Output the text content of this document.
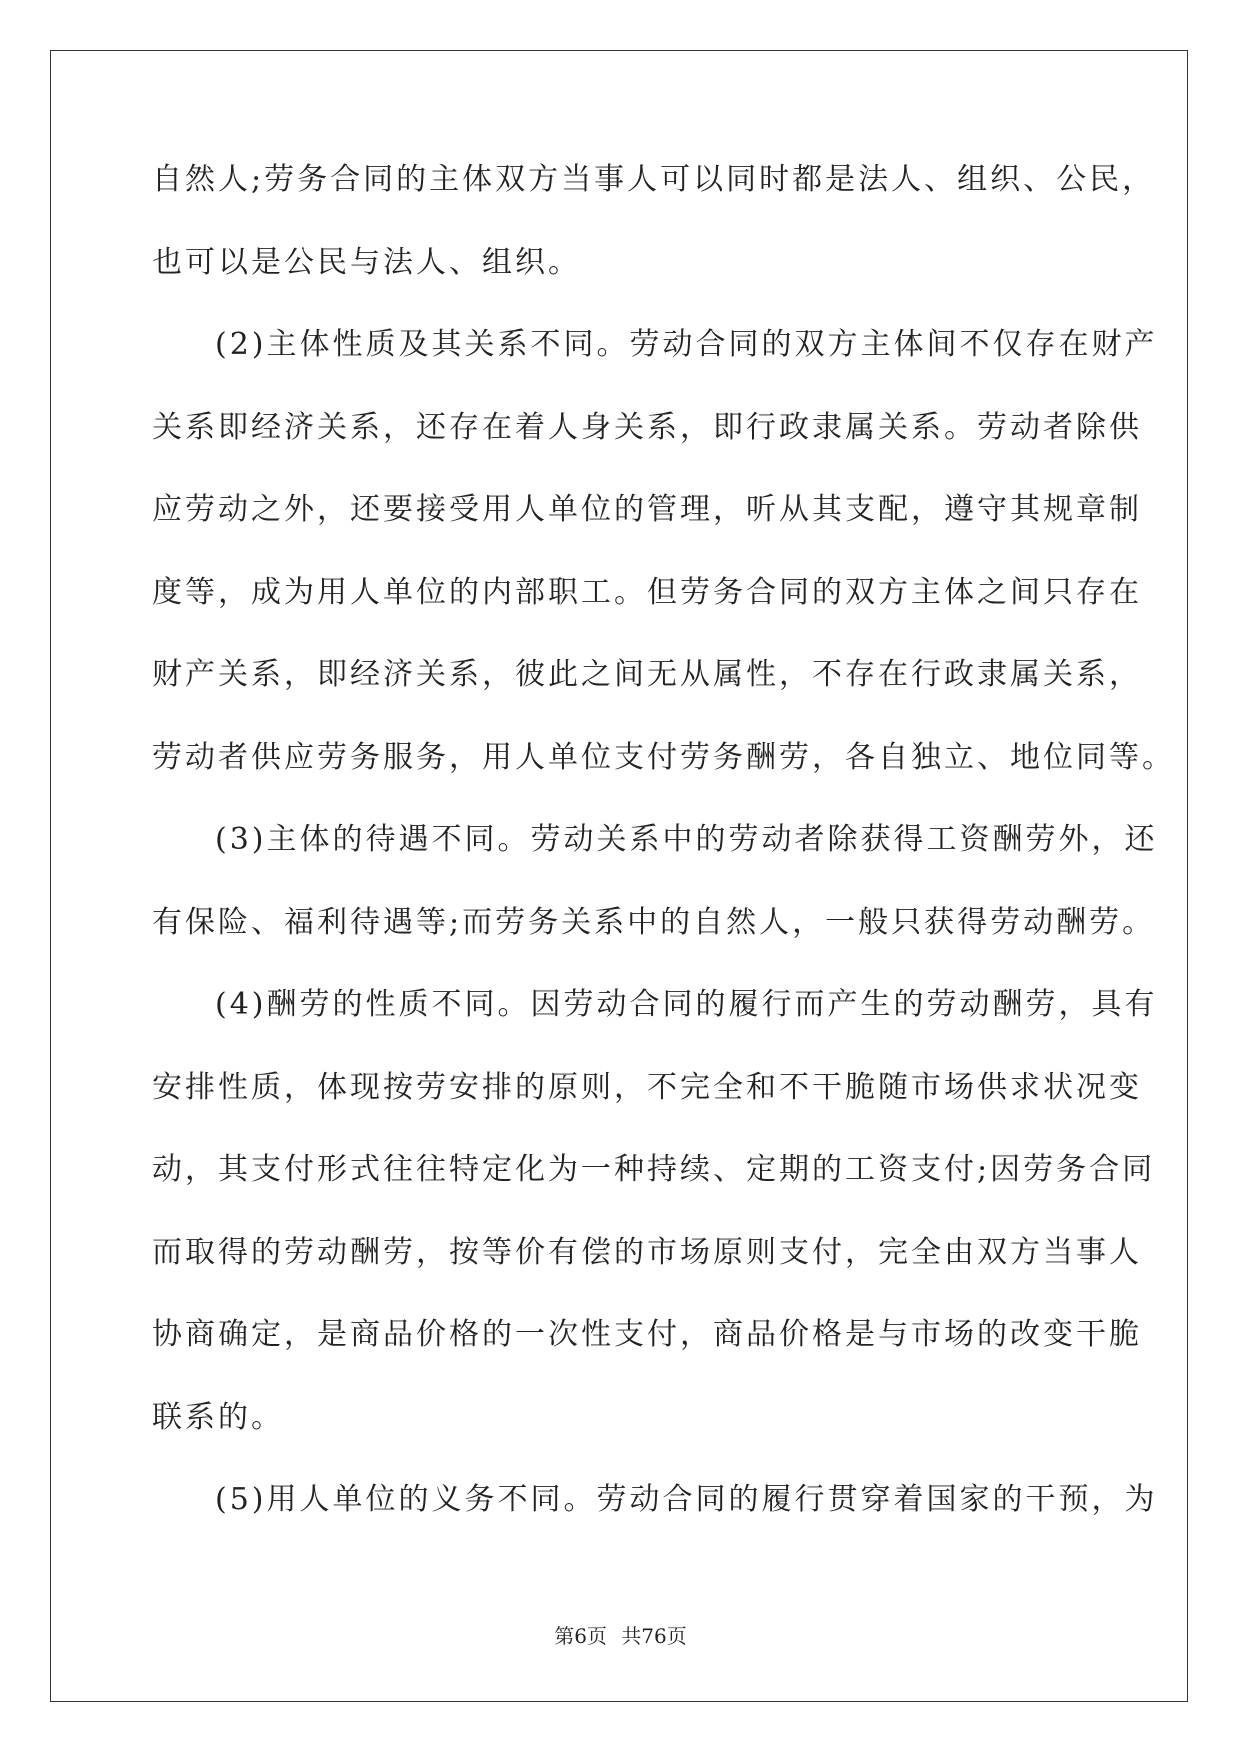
自然人;劳务合同的主体双方当事人可以同时都是法人、组织、公民，
也可以是公民与法人、组织。
(2)主体性质及其关系不同。劳动合同的双方主体间不仅存在财产
关系即经济关系，还存在着人身关系，即行政隶属关系。劳动者除供
应劳动之外，还要接受用人单位的管理，听从其支配，遵守其规章制
度等，成为用人单位的内部职工。但劳务合同的双方主体之间只存在
财产关系，即经济关系，彼此之间无从属性，不存在行政隶属关系，
劳动者供应劳务服务，用人单位支付劳务酬劳，各自独立、地位同等。
(3)主体的待遇不同。劳动关系中的劳动者除获得工资酬劳外，还
有保险、福利待遇等;而劳务关系中的自然人，一般只获得劳动酬劳。
(4)酬劳的性质不同。因劳动合同的履行而产生的劳动酬劳，具有
安排性质，体现按劳安排的原则，不完全和不干脆随市场供求状况变
动，其支付形式往往特定化为一种持续、定期的工资支付;因劳务合同
而取得的劳动酬劳，按等价有偿的市场原则支付，完全由双方当事人
协商确定，是商品价格的一次性支付，商品价格是与市场的改变干脆
联系的。
(5)用人单位的义务不同。劳动合同的履行贯穿着国家的干预，为
第6页 共76页
